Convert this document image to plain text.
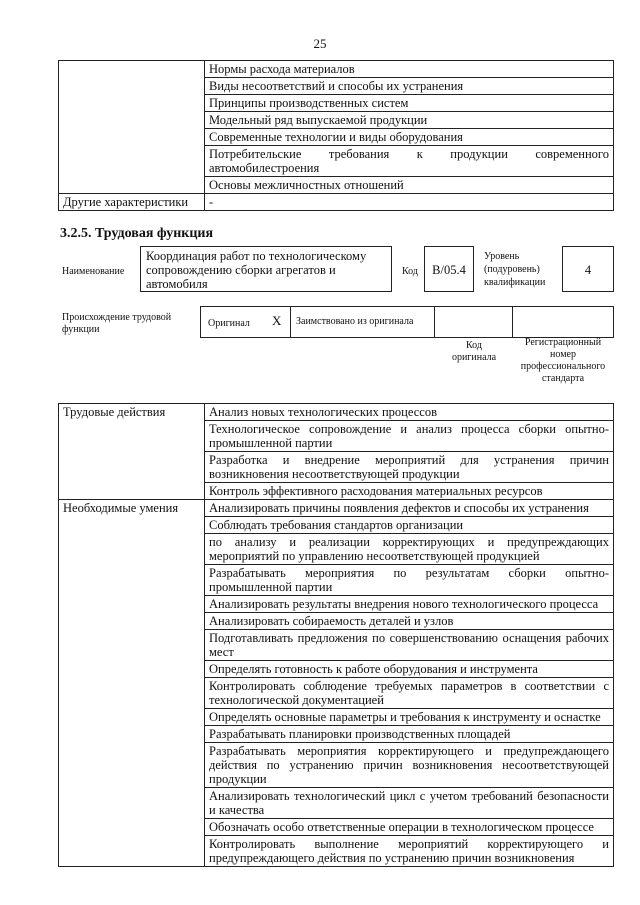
25
	Нормы расхода материалов
	Виды несоответствий и способы их устранения
	Принципы производственных систем
	Модельный ряд выпускаемой продукции
	Современные технологии и виды оборудования
	Потребительские требования к продукции современного автомобилестроения
	Основы межличностных отношений
Другие характеристики	-
3.2.5. Трудовая функция
Наименование
Координация работ по технологическому сопровождению сборки агрегатов и автомобиля
Код	B/05.4
Уровень (подуровень) квалификации
4
Происхождение трудовой функции
Оригинал X Заимствовано из оригинала
Код оригинала
Регистрационный номер профессионального стандарта
Трудовые действия	Анализ новых технологических процессов
	Технологическое сопровождение и анализ процесса сборки опытно-промышленной партии
	Разработка и внедрение мероприятий для устранения причин возникновения несоответствующей продукции
	Контроль эффективного расходования материальных ресурсов
Необходимые умения	Анализировать причины появления дефектов и способы их устранения
	Соблюдать требования стандартов организации
	по анализу и реализации корректирующих и предупреждающих мероприятий по управлению несоответствующей продукцией
	Разрабатывать мероприятия по результатам сборки опытно-промышленной партии
	Анализировать результаты внедрения нового технологического процесса
	Анализировать собираемость деталей и узлов
	Подготавливать предложения по совершенствованию оснащения рабочих мест
	Определять готовность к работе оборудования и инструмента
	Контролировать соблюдение требуемых параметров в соответствии с технологической документацией
	Определять основные параметры и требования к инструменту и оснастке
	Разрабатывать планировки производственных площадей
	Разрабатывать мероприятия корректирующего и предупреждающего действия по устранению причин возникновения несоответствующей продукции
	Анализировать технологический цикл с учетом требований безопасности и качества
	Обозначать особо ответственные операции в технологическом процессе
	Контролировать выполнение мероприятий корректирующего и предупреждающего действия по устранению причин возникновения
